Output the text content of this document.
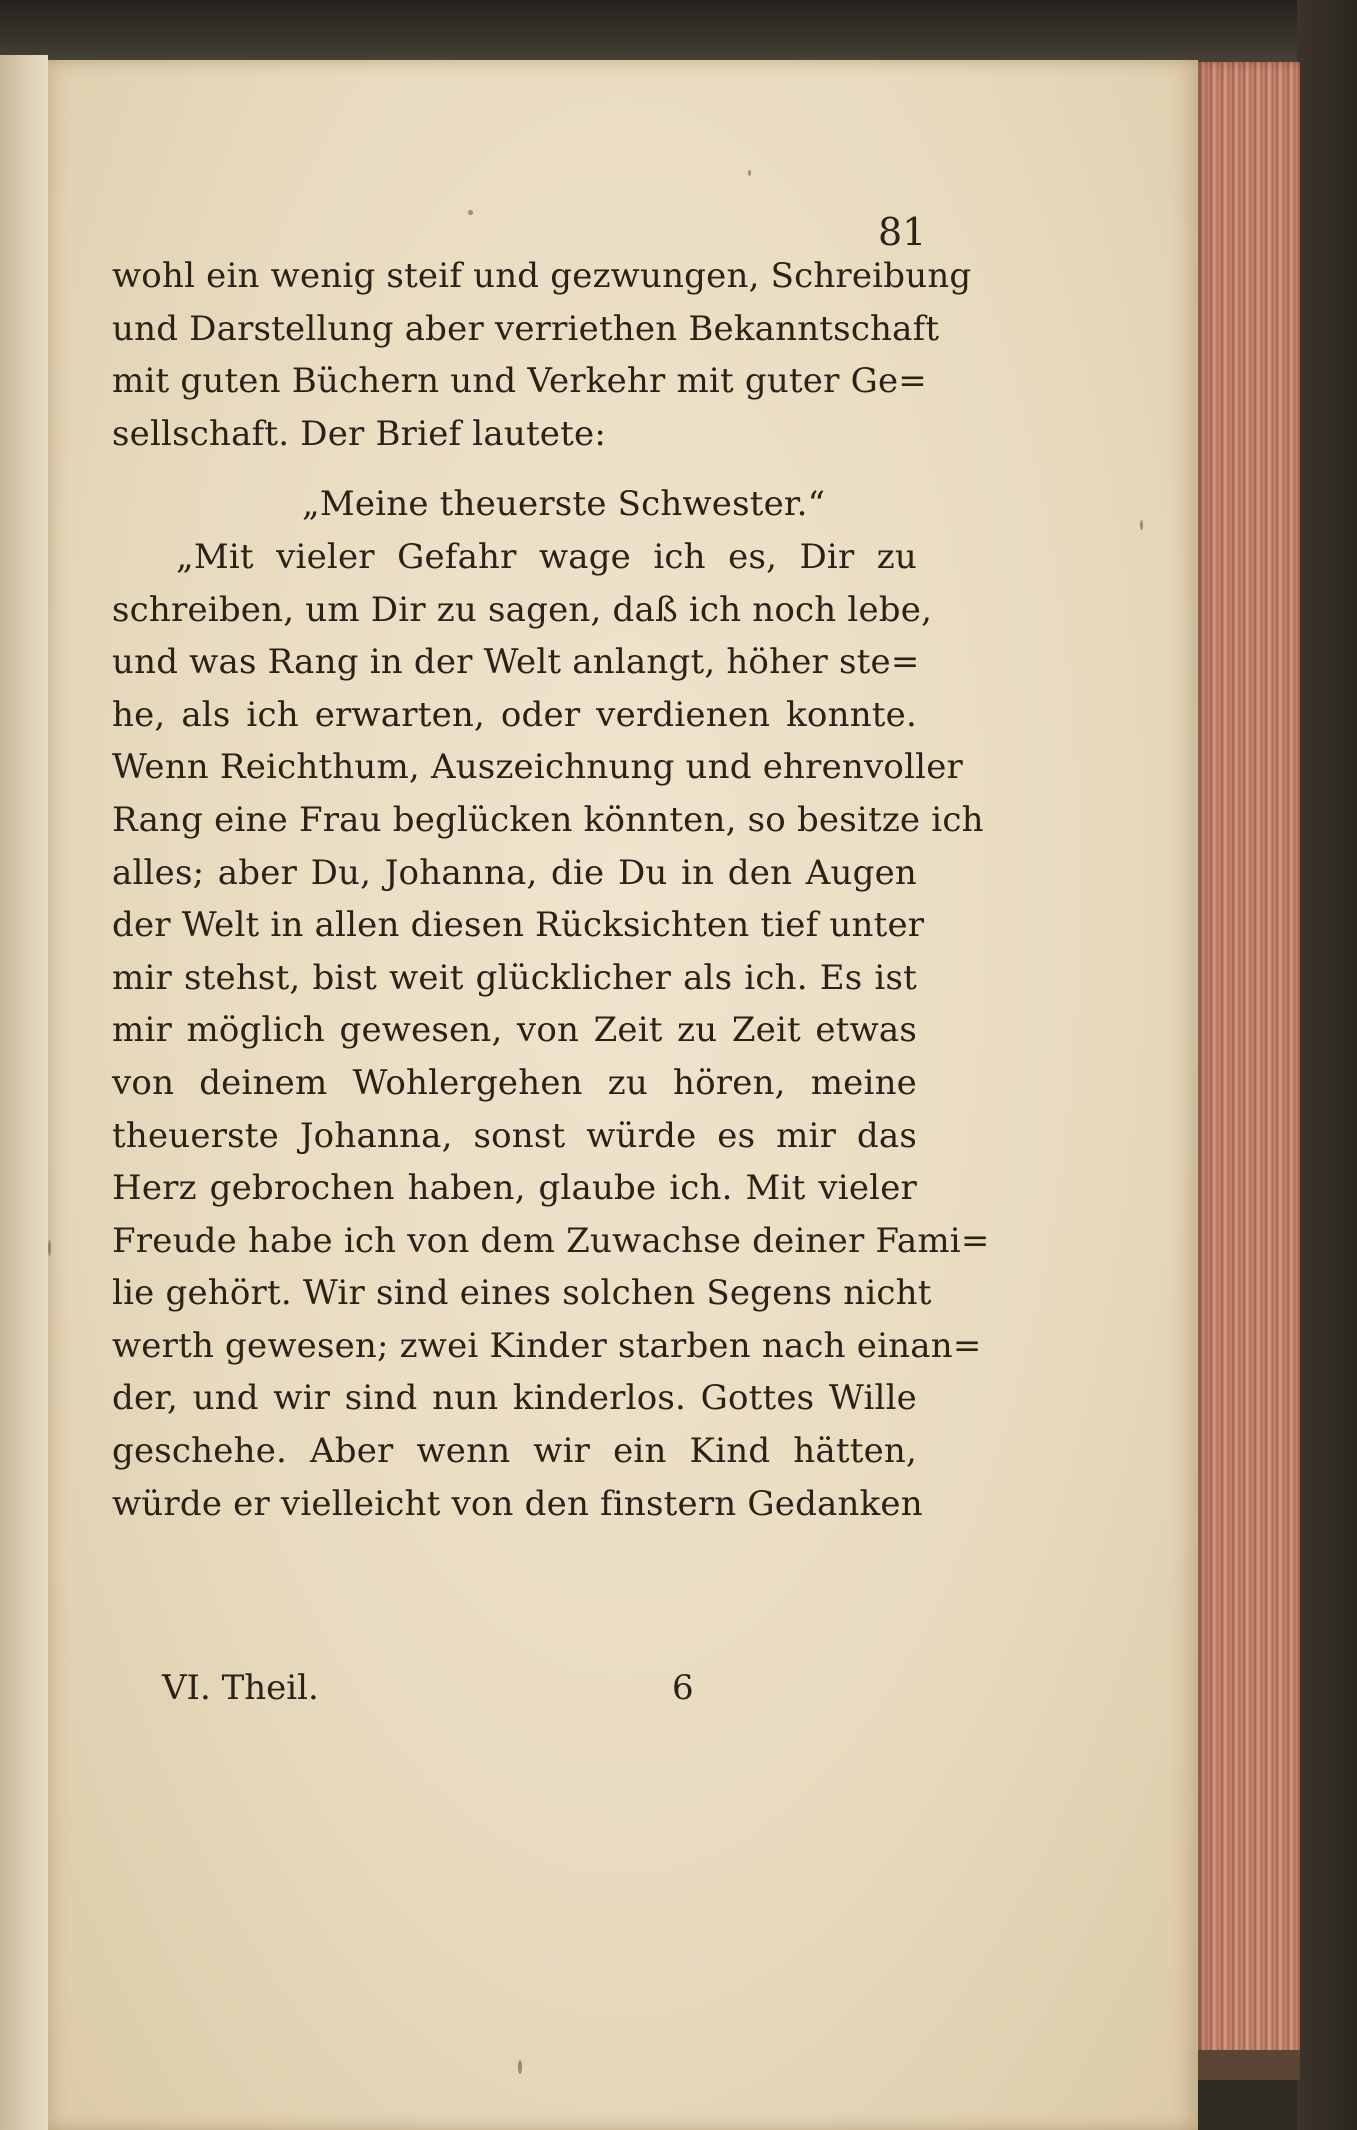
81
wohl ein wenig steif und gezwungen, Schreibung
und Darstellung aber verriethen Bekanntschaft
mit guten Büchern und Verkehr mit guter Ge=
sellschaft. Der Brief lautete:
„Meine theuerste Schwester.“
„Mit vieler Gefahr wage ich es, Dir zu
schreiben, um Dir zu sagen, daß ich noch lebe,
und was Rang in der Welt anlangt, höher ste=
he, als ich erwarten, oder verdienen konnte.
Wenn Reichthum, Auszeichnung und ehrenvoller
Rang eine Frau beglücken könnten, so besitze ich
alles; aber Du, Johanna, die Du in den Augen
der Welt in allen diesen Rücksichten tief unter
mir stehst, bist weit glücklicher als ich. Es ist
mir möglich gewesen, von Zeit zu Zeit etwas
von deinem Wohlergehen zu hören, meine
theuerste Johanna, sonst würde es mir das
Herz gebrochen haben, glaube ich. Mit vieler
Freude habe ich von dem Zuwachse deiner Fami=
lie gehört. Wir sind eines solchen Segens nicht
werth gewesen; zwei Kinder starben nach einan=
der, und wir sind nun kinderlos. Gottes Wille
geschehe. Aber wenn wir ein Kind hätten,
würde er vielleicht von den finstern Gedanken
VI. Theil.	6
